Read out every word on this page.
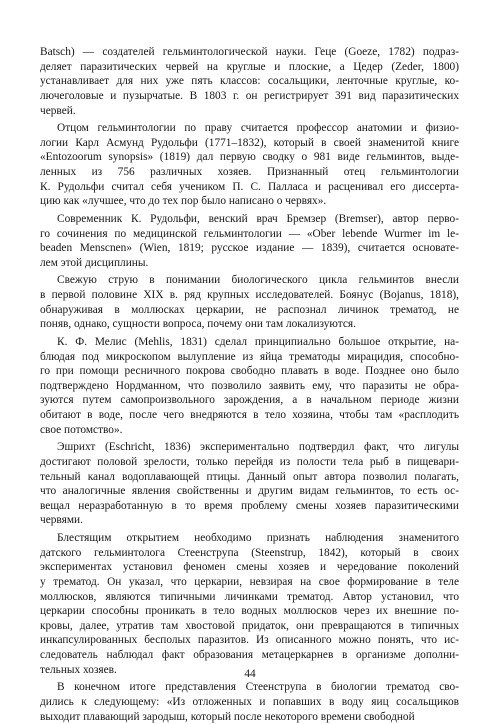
Batsch) — создателей гельминтологической науки. Гецe (Goeze, 1782) подраз-
деляет паразитических червей на круглые и плоские, а Цедер (Zeder, 1800)
устанавливает для них уже пять классов: сосальщики, ленточные круглые, ко-
лючеголовые и пузырчатые. В 1803 г. он регистрирует 391 вид паразитических
червей.
Отцом гельминтологии по праву считается профессор анатомии и физио-
логии Карл Асмунд Рудольфи (1771–1832), который в своей знаменитой книге
«Entozoorum synopsis» (1819) дал первую сводку о 981 виде гельминтов, выде-
ленных из 756 различных хозяев. Признанный отец гельминтологии
К. Рудольфи считал себя учеником П. С. Палласа и расценивал его диссерта-
цию как «лучшее, что до тех пор было написано о червях».
Современник К. Рудольфи, венский врач Бремзер (Bremser), автор перво-
го сочинения по медицинской гельминтологии — «Ober lebende Wurmer im le-
beaden Menscnen» (Wien, 1819; русское издание — 1839), считается основате-
лем этой дисциплины.
Свежую струю в понимании биологического цикла гельминтов внесли
в первой половине XIX в. ряд крупных исследователей. Боянус (Bojanus, 1818),
обнаруживая в моллюсках церкарии, не распознал личинок трематод, не
поняв, однако, сущности вопроса, почему они там локализуются.
К. Ф. Мелис (Mehlis, 1831) сделал принципиально большое открытие, на-
блюдая под микроскопом вылупление из яйца трематоды мирацидия, способно-
го при помощи ресничного покрова свободно плавать в воде. Позднее оно было
подтверждено Нордманном, что позволило заявить ему, что паразиты не обра-
зуются путем самопроизвольного зарождения, а в начальном периоде жизни
обитают в воде, после чего внедряются в тело хозяина, чтобы там «расплодить
свое потомство».
Эшрихт (Eschricht, 1836) экспериментально подтвердил факт, что лигулы
достигают половой зрелости, только перейдя из полости тела рыб в пищевари-
тельный канал водоплавающей птицы. Данный опыт автора позволил полагать,
что аналогичные явления свойственны и другим видам гельминтов, то есть ос-
вещал неразработанную в то время проблему смены хозяев паразитическими
червями.
Блестящим открытием необходимо признать наблюдения знаменитого
датского гельминтолога Стеенструпа (Steenstrup, 1842), который в своих
экспериментах установил феномен смены хозяев и чередование поколений
у трематод. Он указал, что церкарии, невзирая на свое формирование в теле
моллюсков, являются типичными личинками трематод. Автор установил, что
церкарии способны проникать в тело водных моллюсков через их внешние по-
кровы, далее, утратив там хвостовой придаток, они превращаются в типичных
инкапсулированных бесполых паразитов. Из описанного можно понять, что ис-
следователь наблюдал факт образования метацеркарнев в организме дополни-
тельных хозяев.
В конечном итоге представления Стеенструпа в биологии трематод сво-
дились к следующему: «Из отложенных и попавших в воду яиц сосальщиков
выходит плавающий зародыш, который после некоторого времени свободной
44
